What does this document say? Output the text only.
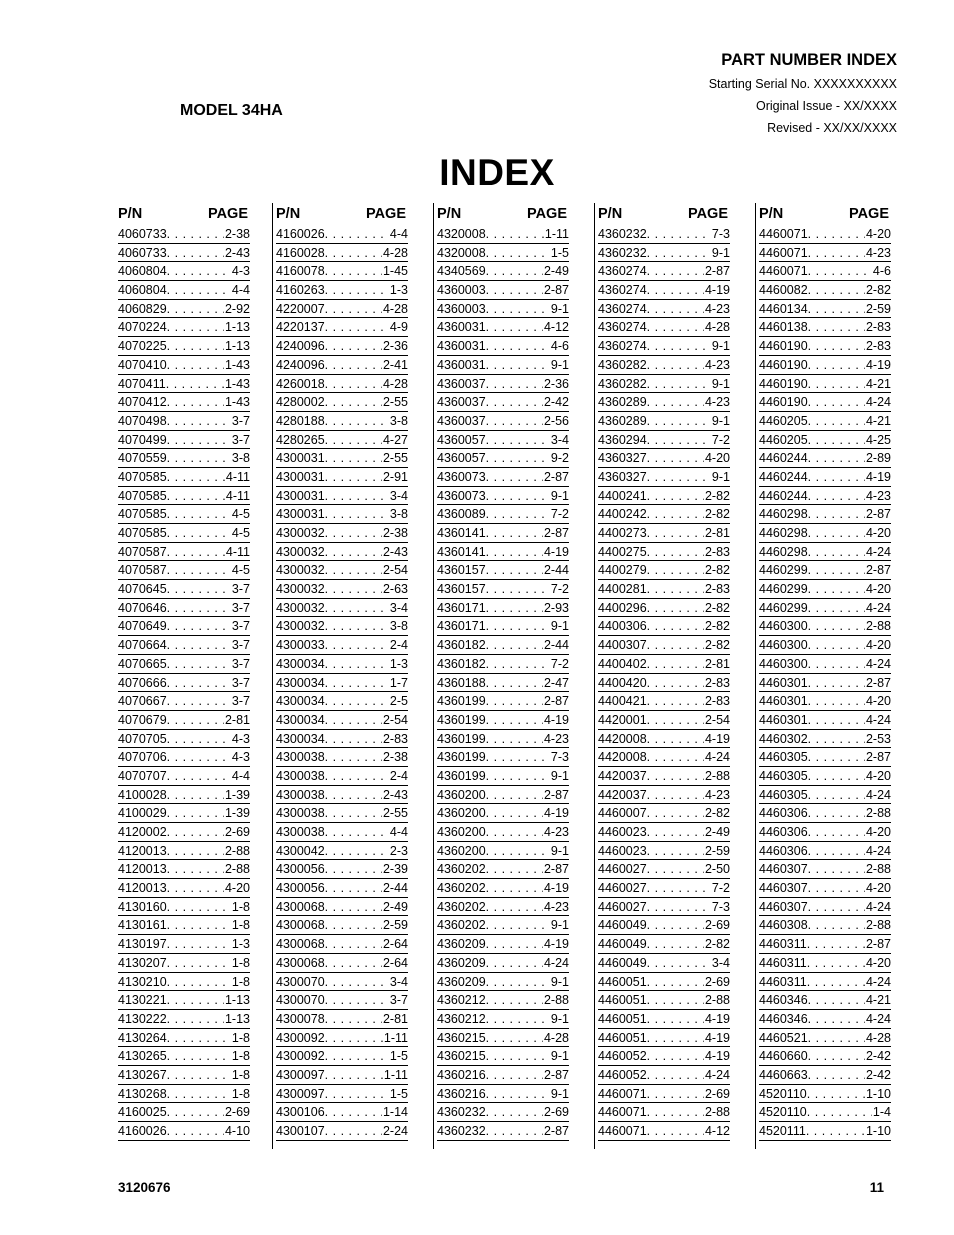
PART NUMBER INDEX
Starting Serial No. XXXXXXXXXX
Original Issue - XX/XXXX
Revised - XX/XX/XXXX
MODEL 34HA
INDEX
P/N	PAGE
4060733 . . .	2-38
4060733 . . .	2-43
4060804 . . .	4-3
4060804 . . .	4-4
4060829 . . .	2-92
4070224 . . .	1-13
4070225 . . .	1-13
4070410 . . .	1-43
4070411 . . .	1-43
4070412 . . .	1-43
4070498 . . .	3-7
4070499 . . .	3-7
4070559 . . .	3-8
4070585 . . .	4-11
4070585 . . .	4-11
4070585 . . .	4-5
4070585 . . .	4-5
4070587 . . .	4-11
4070587 . . .	4-5
4070645 . . .	3-7
4070646 . . .	3-7
4070649 . . .	3-7
4070664 . . .	3-7
4070665 . . .	3-7
4070666 . . .	3-7
4070667 . . .	3-7
4070679 . . .	2-81
4070705 . . .	4-3
4070706 . . .	4-3
4070707 . . .	4-4
4100028 . . .	1-39
4100029 . . .	1-39
4120002 . . .	2-69
4120013 . . .	2-88
4120013 . . .	2-88
4120013 . . .	4-20
4130160 . . .	1-8
4130161 . . .	1-8
4130197 . . .	1-3
4130207 . . .	1-8
4130210 . . .	1-8
4130221 . . .	1-13
4130222 . . .	1-13
4130264 . . .	1-8
4130265 . . .	1-8
4130267 . . .	1-8
4130268 . . .	1-8
4160025 . . .	2-69
4160026 . . .	4-10
P/N	PAGE
4160026 . . .	4-4
4160028 . . .	4-28
4160078 . . .	1-45
4160263 . . .	1-3
4220007 . . .	4-28
4220137 . . .	4-9
4240096 . . .	2-36
4240096 . . .	2-41
4260018 . . .	4-28
4280002 . . .	2-55
4280188 . . .	3-8
4280265 . . .	4-27
4300031 . . .	2-55
4300031 . . .	2-91
4300031 . . .	3-4
4300031 . . .	3-8
4300032 . . .	2-38
4300032 . . .	2-43
4300032 . . .	2-54
4300032 . . .	2-63
4300032 . . .	3-4
4300032 . . .	3-8
4300033 . . .	2-4
4300034 . . .	1-3
4300034 . . .	1-7
4300034 . . .	2-5
4300034 . . .	2-54
4300034 . . .	2-83
4300038 . . .	2-38
4300038 . . .	2-4
4300038 . . .	2-43
4300038 . . .	2-55
4300038 . . .	4-4
4300042 . . .	2-3
4300056 . . .	2-39
4300056 . . .	2-44
4300068 . . .	2-49
4300068 . . .	2-59
4300068 . . .	2-64
4300068 . . .	2-64
4300070 . . .	3-4
4300070 . . .	3-7
4300078 . . .	2-81
4300092 . . .	1-11
4300092 . . .	1-5
4300097 . . .	1-11
4300097 . . .	1-5
4300106 . . .	1-14
4300107 . . .	2-24
P/N	PAGE
4320008 . . .	1-11
4320008 . . .	1-5
4340569 . . .	2-49
4360003 . . .	2-87
4360003 . . .	9-1
4360031 . . .	4-12
4360031 . . .	4-6
4360031 . . .	9-1
4360037 . . .	2-36
4360037 . . .	2-42
4360037 . . .	2-56
4360057 . . .	3-4
4360057 . . .	9-2
4360073 . . .	2-87
4360073 . . .	9-1
4360089 . . .	7-2
4360141 . . .	2-87
4360141 . . .	4-19
4360157 . . .	2-44
4360157 . . .	7-2
4360171 . . .	2-93
4360171 . . .	9-1
4360182 . . .	2-44
4360182 . . .	7-2
4360188 . . .	2-47
4360199 . . .	2-87
4360199 . . .	4-19
4360199 . . .	4-23
4360199 . . .	7-3
4360199 . . .	9-1
4360200 . . .	2-87
4360200 . . .	4-19
4360200 . . .	4-23
4360200 . . .	9-1
4360202 . . .	2-87
4360202 . . .	4-19
4360202 . . .	4-23
4360202 . . .	9-1
4360209 . . .	4-19
4360209 . . .	4-24
4360209 . . .	9-1
4360212 . . .	2-88
4360212 . . .	9-1
4360215 . . .	4-28
4360215 . . .	9-1
4360216 . . .	2-87
4360216 . . .	9-1
4360232 . . .	2-69
4360232 . . .	2-87
P/N	PAGE
4360232 . . .	7-3
4360232 . . .	9-1
4360274 . . .	2-87
4360274 . . .	4-19
4360274 . . .	4-23
4360274 . . .	4-28
4360274 . . .	9-1
4360282 . . .	4-23
4360282 . . .	9-1
4360289 . . .	4-23
4360289 . . .	9-1
4360294 . . .	7-2
4360327 . . .	4-20
4360327 . . .	9-1
4400241 . . .	2-82
4400242 . . .	2-82
4400273 . . .	2-81
4400275 . . .	2-83
4400279 . . .	2-82
4400281 . . .	2-83
4400296 . . .	2-82
4400306 . . .	2-82
4400307 . . .	2-82
4400402 . . .	2-81
4400420 . . .	2-83
4400421 . . .	2-83
4420001 . . .	2-54
4420008 . . .	4-19
4420008 . . .	4-24
4420037 . . .	2-88
4420037 . . .	4-23
4460007 . . .	2-82
4460023 . . .	2-49
4460023 . . .	2-59
4460027 . . .	2-50
4460027 . . .	7-2
4460027 . . .	7-3
4460049 . . .	2-69
4460049 . . .	2-82
4460049 . . .	3-4
4460051 . . .	2-69
4460051 . . .	2-88
4460051 . . .	4-19
4460051 . . .	4-19
4460052 . . .	4-19
4460052 . . .	4-24
4460071 . . .	2-69
4460071 . . .	2-88
4460071 . . .	4-12
P/N	PAGE
4460071 . . .	4-20
4460071 . . .	4-23
4460071 . . .	4-6
4460082 . . .	2-82
4460134 . . .	2-59
4460138 . . .	2-83
4460190 . . .	2-83
4460190 . . .	4-19
4460190 . . .	4-21
4460190 . . .	4-24
4460205 . . .	4-21
4460205 . . .	4-25
4460244 . . .	2-89
4460244 . . .	4-19
4460244 . . .	4-23
4460298 . . .	2-87
4460298 . . .	4-20
4460298 . . .	4-24
4460299 . . .	2-87
4460299 . . .	4-20
4460299 . . .	4-24
4460300 . . .	2-88
4460300 . . .	4-20
4460300 . . .	4-24
4460301 . . .	2-87
4460301 . . .	4-20
4460301 . . .	4-24
4460302 . . .	2-53
4460305 . . .	2-87
4460305 . . .	4-20
4460305 . . .	4-24
4460306 . . .	2-88
4460306 . . .	4-20
4460306 . . .	4-24
4460307 . . .	2-88
4460307 . . .	4-20
4460307 . . .	4-24
4460308 . . .	2-88
4460311 . . .	2-87
4460311 . . .	4-20
4460311 . . .	4-24
4460346 . . .	4-21
4460346 . . .	4-24
4460521 . . .	4-28
4460660 . . .	2-42
4460663 . . .	2-42
4520110 . . .	1-10
4520110 . . .	1-4
4520111 . . .	1-10
3120676	11
